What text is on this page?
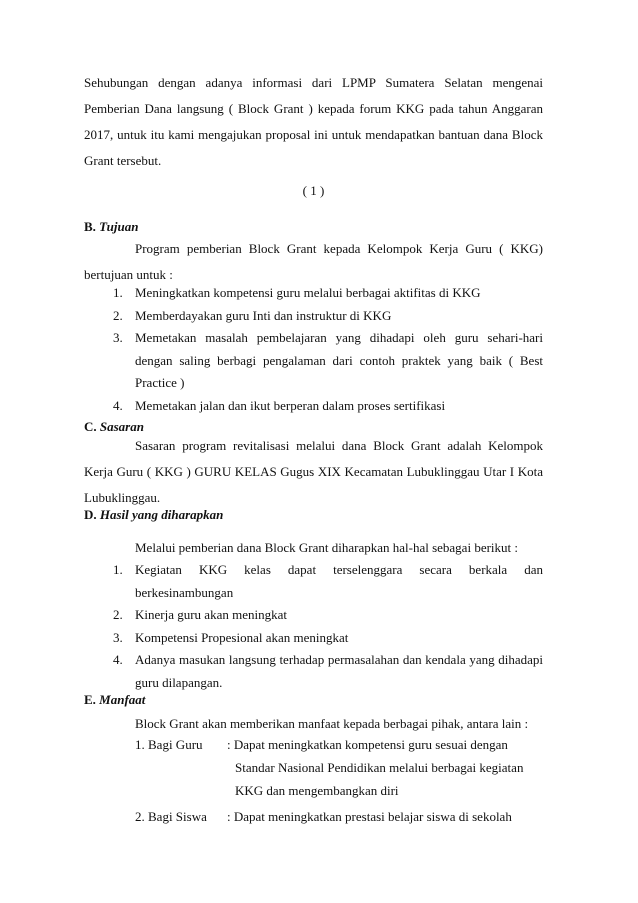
Sehubungan dengan adanya informasi dari LPMP Sumatera Selatan mengenai Pemberian Dana langsung ( Block Grant ) kepada forum KKG pada tahun Anggaran 2017, untuk itu kami mengajukan proposal ini untuk mendapatkan bantuan dana Block Grant tersebut.

( 1 )

B. Tujuan

Program pemberian Block Grant kepada Kelompok Kerja Guru ( KKG) bertujuan untuk :

1. Meningkatkan kompetensi guru melalui berbagai aktifitas di KKG
2. Memberdayakan guru Inti dan instruktur di KKG
3. Memetakan masalah pembelajaran yang dihadapi oleh guru sehari-hari dengan saling berbagi pengalaman dari contoh praktek yang baik ( Best Practice )
4. Memetakan jalan dan ikut berperan dalam proses sertifikasi

C. Sasaran

Sasaran program revitalisasi melalui dana Block Grant adalah Kelompok Kerja Guru ( KKG ) GURU KELAS Gugus XIX Kecamatan Lubuklinggau Utar I Kota Lubuklinggau.

D. Hasil yang diharapkan

Melalui pemberian dana Block Grant diharapkan hal-hal sebagai berikut :

1. Kegiatan KKG kelas dapat terselenggara secara berkala dan berkesinambungan
2. Kinerja guru akan meningkat
3. Kompetensi Propesional akan meningkat
4. Adanya masukan langsung terhadap permasalahan dan kendala yang dihadapi guru dilapangan.

E. Manfaat

Block Grant akan memberikan manfaat kepada berbagai pihak, antara lain :

1. Bagi Guru	: Dapat meningkatkan kompetensi guru sesuai dengan
Standar Nasional Pendidikan melalui berbagai kegiatan
KKG dan mengembangkan diri
2. Bagi Siswa	: Dapat meningkatkan prestasi belajar siswa di sekolah
